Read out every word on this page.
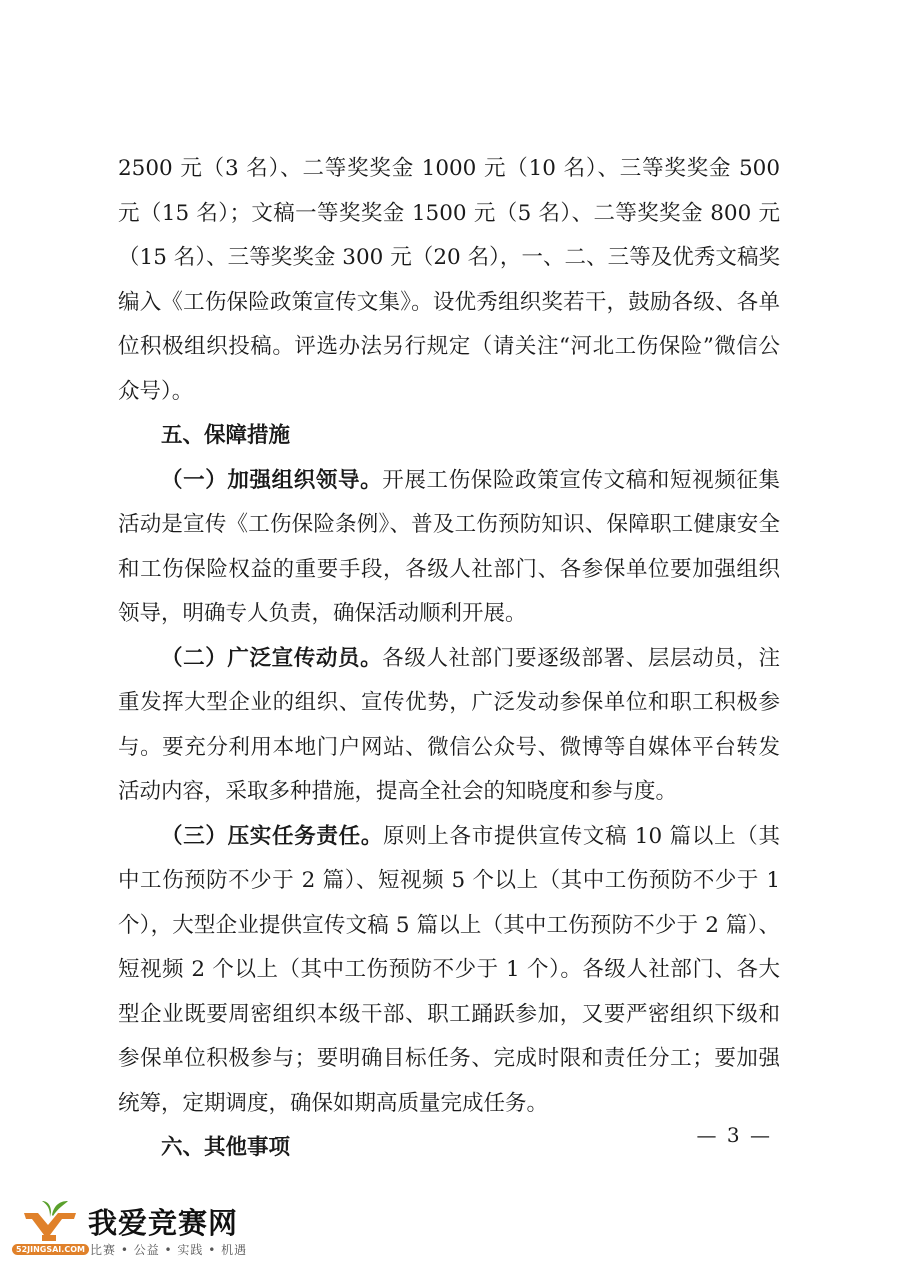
2500 元（3 名）、二等奖奖金 1000 元（10 名）、三等奖奖金 500 元（15 名）；文稿一等奖奖金 1500 元（5 名）、二等奖奖金 800 元（15 名）、三等奖奖金 300 元（20 名），一、二、三等及优秀文稿奖编入《工伤保险政策宣传文集》。设优秀组织奖若干，鼓励各级、各单位积极组织投稿。评选办法另行规定（请关注“河北工伤保险”微信公众号）。

五、保障措施

（一）加强组织领导。开展工伤保险政策宣传文稿和短视频征集活动是宣传《工伤保险条例》、普及工伤预防知识、保障职工健康安全和工伤保险权益的重要手段，各级人社部门、各参保单位要加强组织领导，明确专人负责，确保活动顺利开展。

（二）广泛宣传动员。各级人社部门要逐级部署、层层动员，注重发挥大型企业的组织、宣传优势，广泛发动参保单位和职工积极参与。要充分利用本地门户网站、微信公众号、微博等自媒体平台转发活动内容，采取多种措施，提高全社会的知晓度和参与度。

（三）压实任务责任。原则上各市提供宣传文稿 10 篇以上（其中工伤预防不少于 2 篇）、短视频 5 个以上（其中工伤预防不少于 1 个），大型企业提供宣传文稿 5 篇以上（其中工伤预防不少于 2 篇）、短视频 2 个以上（其中工伤预防不少于 1 个）。各级人社部门、各大型企业既要周密组织本级干部、职工踊跃参加，又要严密组织下级和参保单位积极参与；要明确目标任务、完成时限和责任分工；要加强统筹，定期调度，确保如期高质量完成任务。

六、其他事项	— 3 —
我爱竞赛网
52JINGSAI.COM 比赛 • 公益 • 实践 • 机遇
